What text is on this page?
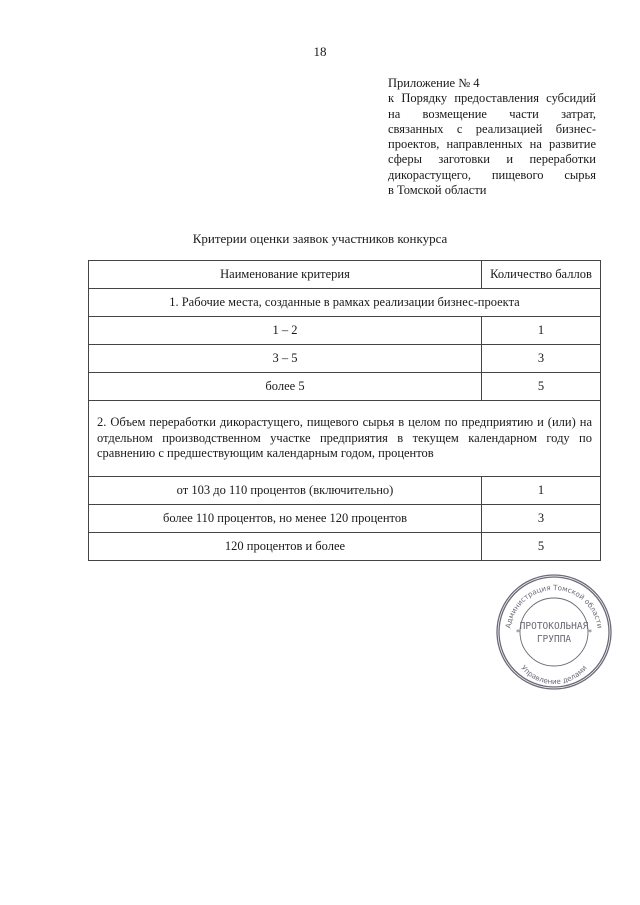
18
Приложение № 4
к Порядку предоставления субсидий
на возмещение части затрат,
связанных с реализацией бизнес-
проектов, направленных на развитие
сферы заготовки и переработки
дикорастущего, пищевого сырья
в Томской области
Критерии оценки заявок участников конкурса
Наименование критерия	Количество баллов
1. Рабочие места, созданные в рамках реализации бизнес-проекта	
1 – 2	1
3 – 5	3
более 5	5
2. Объем переработки дикорастущего, пищевого сырья в целом по предприятию и (или) на отдельном производственном участке предприятия в текущем календарном году по сравнению с предшествующим календарным годом, процентов	
от 103 до 110 процентов (включительно)	1
более 110 процентов, но менее 120 процентов	3
120 процентов и более	5
Администрация Томской области
Управление делами
ПРОТОКОЛЬНАЯ
ГРУППА
*	*
